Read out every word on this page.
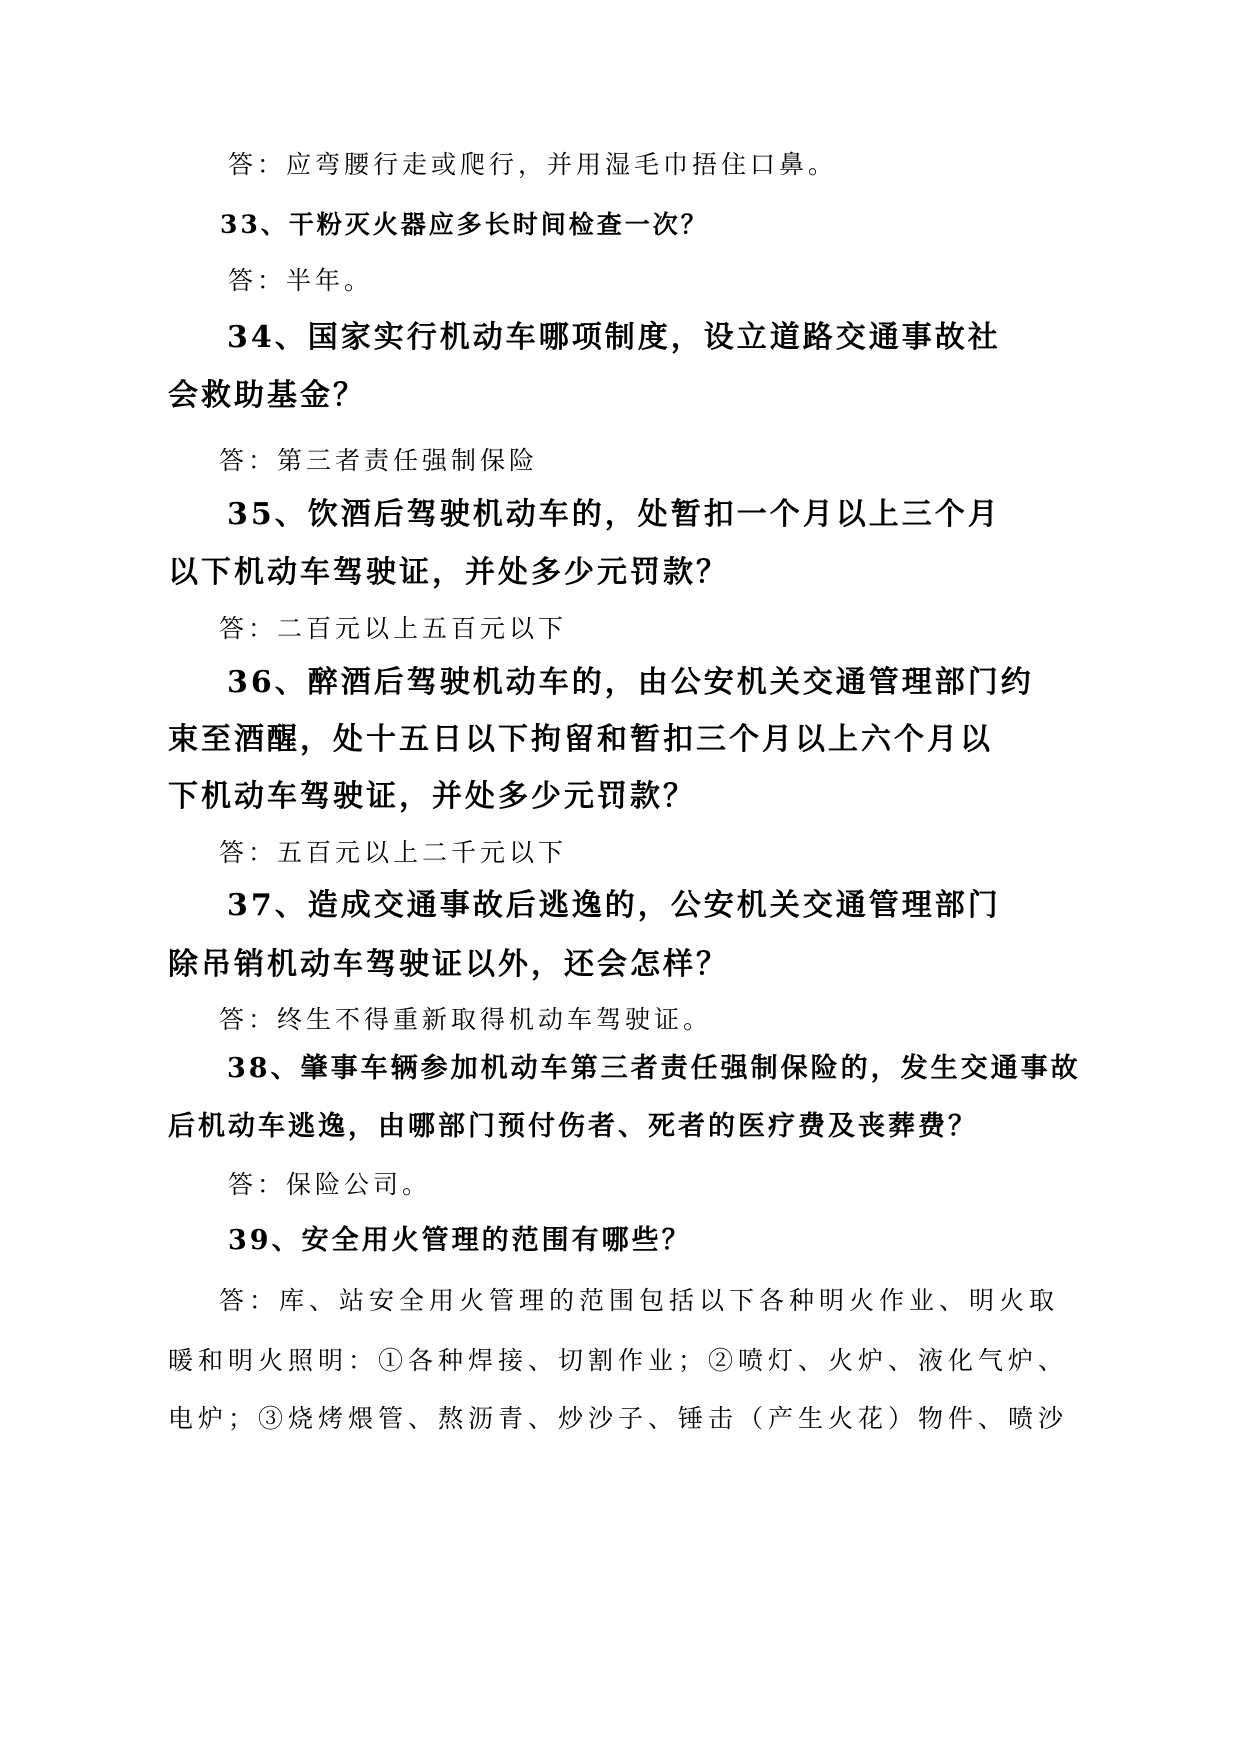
答：应弯腰行走或爬行，并用湿毛巾捂住口鼻。
33、干粉灭火器应多长时间检查一次？
答：半年。
34、国家实行机动车哪项制度，设立道路交通事故社
会救助基金？
答：第三者责任强制保险
35、饮酒后驾驶机动车的，处暂扣一个月以上三个月
以下机动车驾驶证，并处多少元罚款？
答：二百元以上五百元以下
36、醉酒后驾驶机动车的，由公安机关交通管理部门约
束至酒醒，处十五日以下拘留和暂扣三个月以上六个月以
下机动车驾驶证，并处多少元罚款？
答：五百元以上二千元以下
37、造成交通事故后逃逸的，公安机关交通管理部门
除吊销机动车驾驶证以外，还会怎样？
答：终生不得重新取得机动车驾驶证。
38、肇事车辆参加机动车第三者责任强制保险的，发生交通事故
后机动车逃逸，由哪部门预付伤者、死者的医疗费及丧葬费？
答：保险公司。
39、安全用火管理的范围有哪些？
答：库、站安全用火管理的范围包括以下各种明火作业、明火取
暖和明火照明：①各种焊接、切割作业；②喷灯、火炉、液化气炉、
电炉；③烧烤煨管、熬沥青、炒沙子、锤击（产生火花）物件、喷沙
